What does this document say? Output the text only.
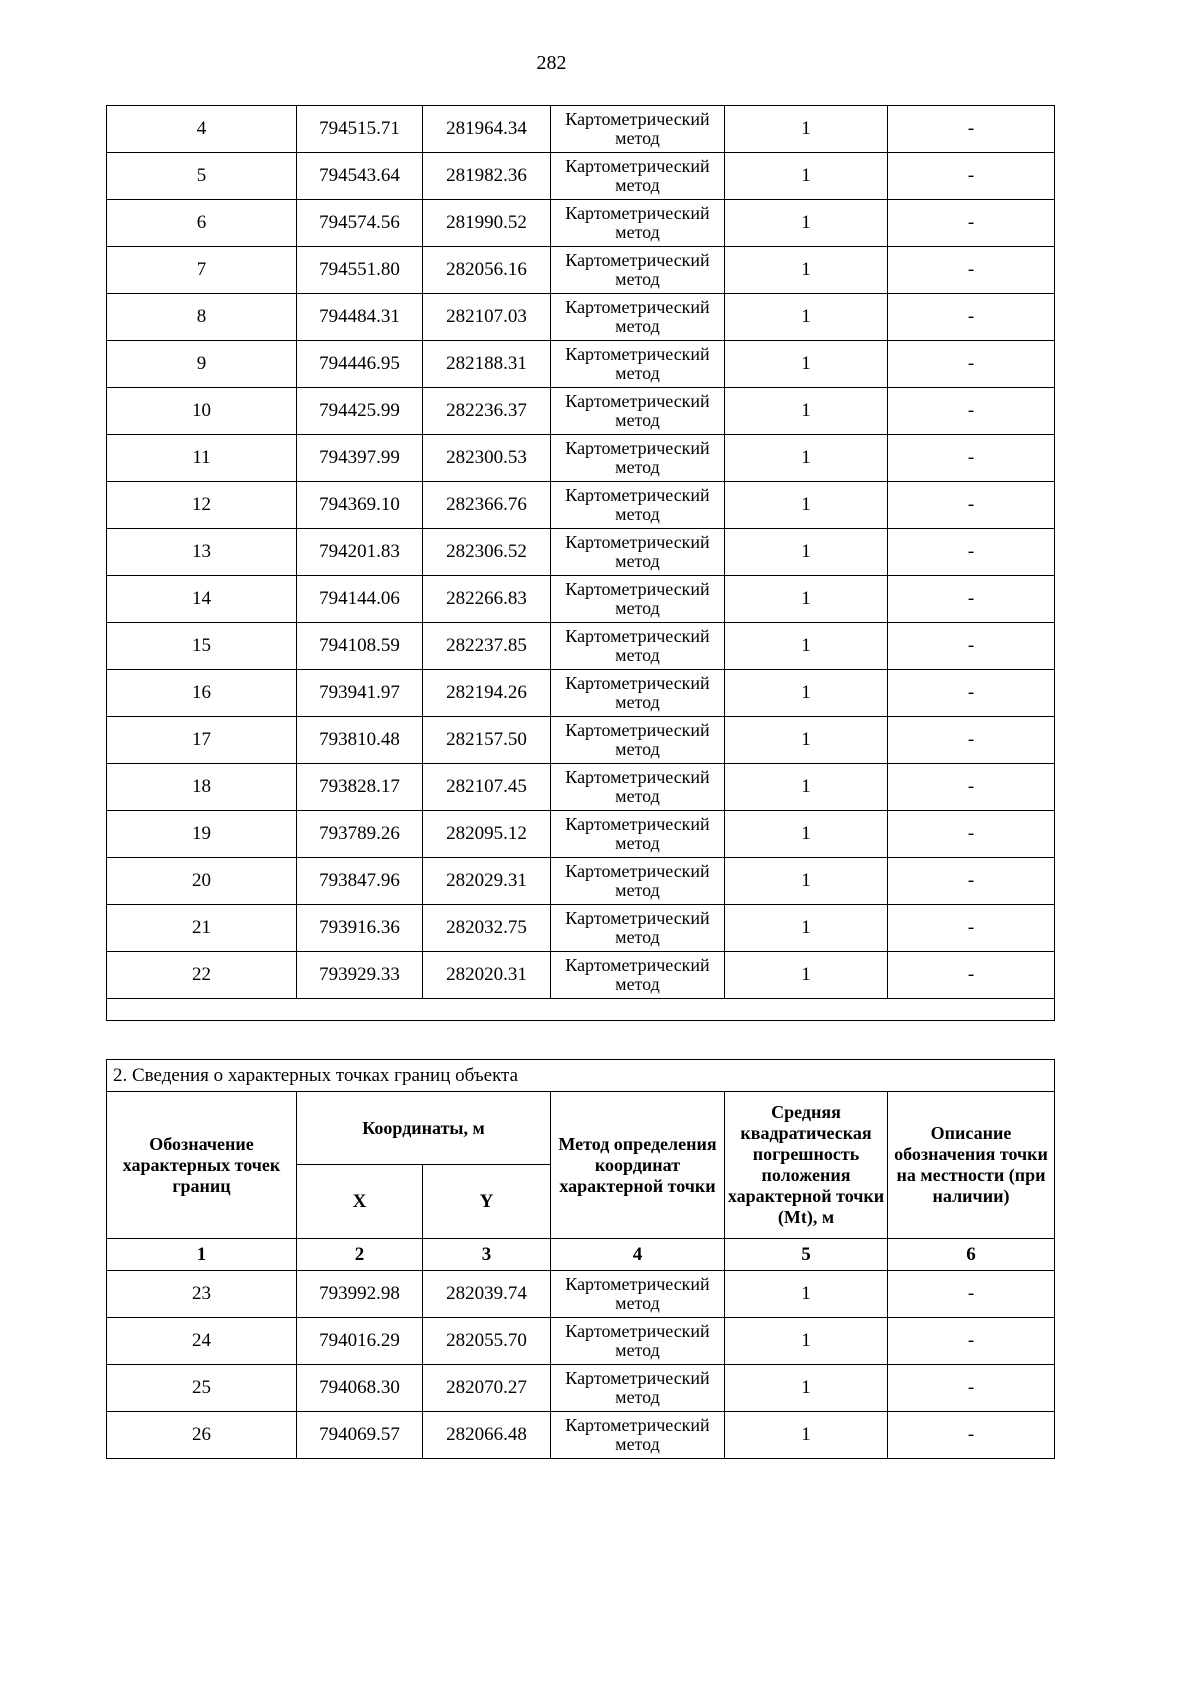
282
4	794515.71	281964.34	Картометрический метод	1	-
5	794543.64	281982.36	Картометрический метод	1	-
6	794574.56	281990.52	Картометрический метод	1	-
7	794551.80	282056.16	Картометрический метод	1	-
8	794484.31	282107.03	Картометрический метод	1	-
9	794446.95	282188.31	Картометрический метод	1	-
10	794425.99	282236.37	Картометрический метод	1	-
11	794397.99	282300.53	Картометрический метод	1	-
12	794369.10	282366.76	Картометрический метод	1	-
13	794201.83	282306.52	Картометрический метод	1	-
14	794144.06	282266.83	Картометрический метод	1	-
15	794108.59	282237.85	Картометрический метод	1	-
16	793941.97	282194.26	Картометрический метод	1	-
17	793810.48	282157.50	Картометрический метод	1	-
18	793828.17	282107.45	Картометрический метод	1	-
19	793789.26	282095.12	Картометрический метод	1	-
20	793847.96	282029.31	Картометрический метод	1	-
21	793916.36	282032.75	Картометрический метод	1	-
22	793929.33	282020.31	Картометрический метод	1	-

2. Сведения о характерных точках границ объекта					
Обозначение характерных точек границ	Координаты, м		Метод определения координат характерной точки	Средняя квадратическая погрешность положения характерной точки (Mt), м	Описание обозначения точки на местности (при наличии)
	X	Y			
1	2	3	4	5	6
23	793992.98	282039.74	Картометрический метод	1	-
24	794016.29	282055.70	Картометрический метод	1	-
25	794068.30	282070.27	Картометрический метод	1	-
26	794069.57	282066.48	Картометрический метод	1	-
